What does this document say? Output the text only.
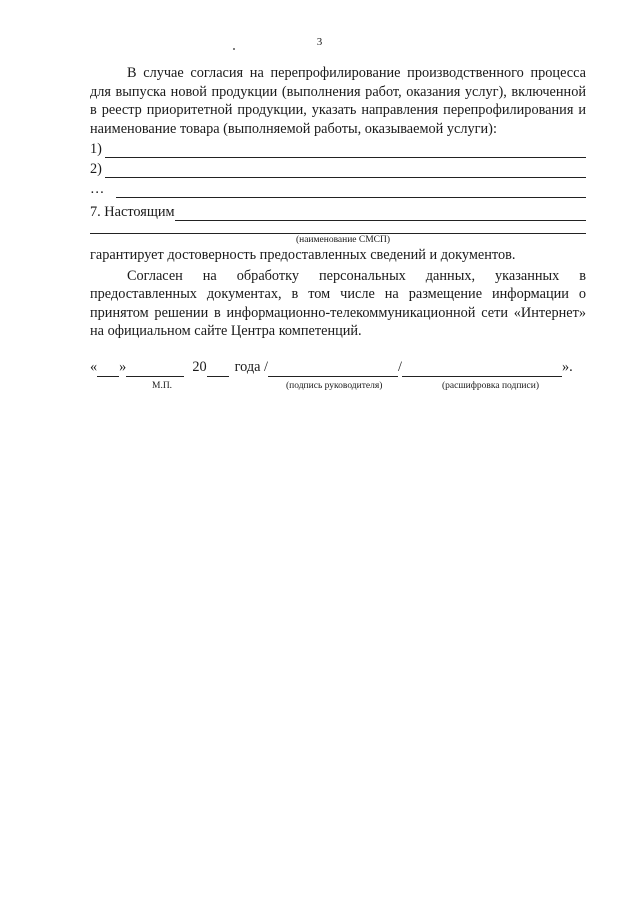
3

В случае согласия на перепрофилирование производственного процесса для выпуска новой продукции (выполнения работ, оказания услуг), включенной в реестр приоритетной продукции, указать направления перепрофилирования и наименование товара (выполняемой работы, оказываемой услуги):

1)
2)
…
7. Настоящим
(наименование СМСП)

гарантирует достоверность предоставленных сведений и документов.

Согласен на обработку персональных данных, указанных в предоставленных документах, в том числе на размещение информации о принятом решении в информационно-телекоммуникационной сети «Интернет» на официальном сайте Центра компетенций.

« »	20	года /	/	».
М.П.	(подпись руководителя)	(расшифровка подписи)
